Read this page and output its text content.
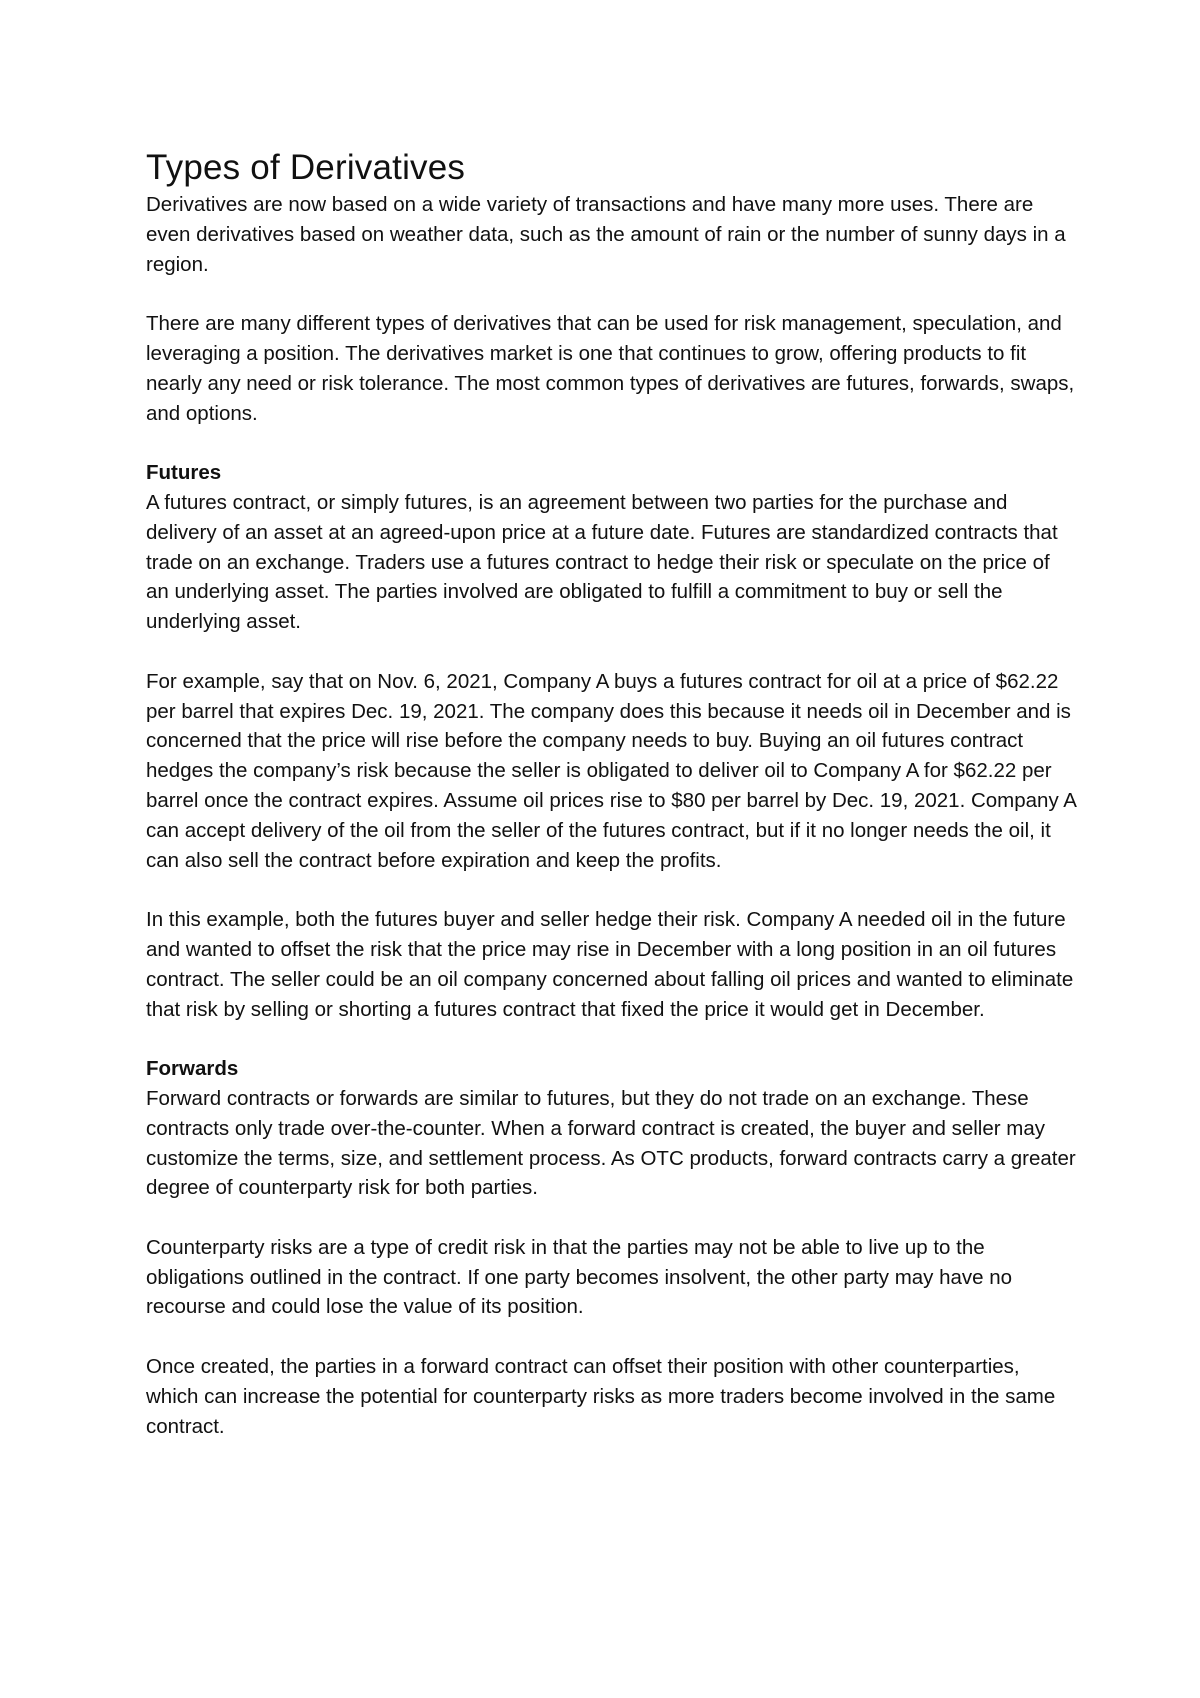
Types of Derivatives

Derivatives are now based on a wide variety of transactions and have many more uses. There are even derivatives based on weather data, such as the amount of rain or the number of sunny days in a region.

There are many different types of derivatives that can be used for risk management, speculation, and leveraging a position. The derivatives market is one that continues to grow, offering products to fit nearly any need or risk tolerance. The most common types of derivatives are futures, forwards, swaps, and options.

Futures

A futures contract, or simply futures, is an agreement between two parties for the purchase and delivery of an asset at an agreed-upon price at a future date. Futures are standardized contracts that trade on an exchange. Traders use a futures contract to hedge their risk or speculate on the price of an underlying asset. The parties involved are obligated to fulfill a commitment to buy or sell the underlying asset.

For example, say that on Nov. 6, 2021, Company A buys a futures contract for oil at a price of $62.22 per barrel that expires Dec. 19, 2021. The company does this because it needs oil in December and is concerned that the price will rise before the company needs to buy. Buying an oil futures contract hedges the company’s risk because the seller is obligated to deliver oil to Company A for $62.22 per barrel once the contract expires. Assume oil prices rise to $80 per barrel by Dec. 19, 2021. Company A can accept delivery of the oil from the seller of the futures contract, but if it no longer needs the oil, it can also sell the contract before expiration and keep the profits.

In this example, both the futures buyer and seller hedge their risk. Company A needed oil in the future and wanted to offset the risk that the price may rise in December with a long position in an oil futures contract. The seller could be an oil company concerned about falling oil prices and wanted to eliminate that risk by selling or shorting a futures contract that fixed the price it would get in December.

Forwards

Forward contracts or forwards are similar to futures, but they do not trade on an exchange. These contracts only trade over-the-counter. When a forward contract is created, the buyer and seller may customize the terms, size, and settlement process. As OTC products, forward contracts carry a greater degree of counterparty risk for both parties.

Counterparty risks are a type of credit risk in that the parties may not be able to live up to the obligations outlined in the contract. If one party becomes insolvent, the other party may have no recourse and could lose the value of its position.

Once created, the parties in a forward contract can offset their position with other counterparties, which can increase the potential for counterparty risks as more traders become involved in the same contract.
